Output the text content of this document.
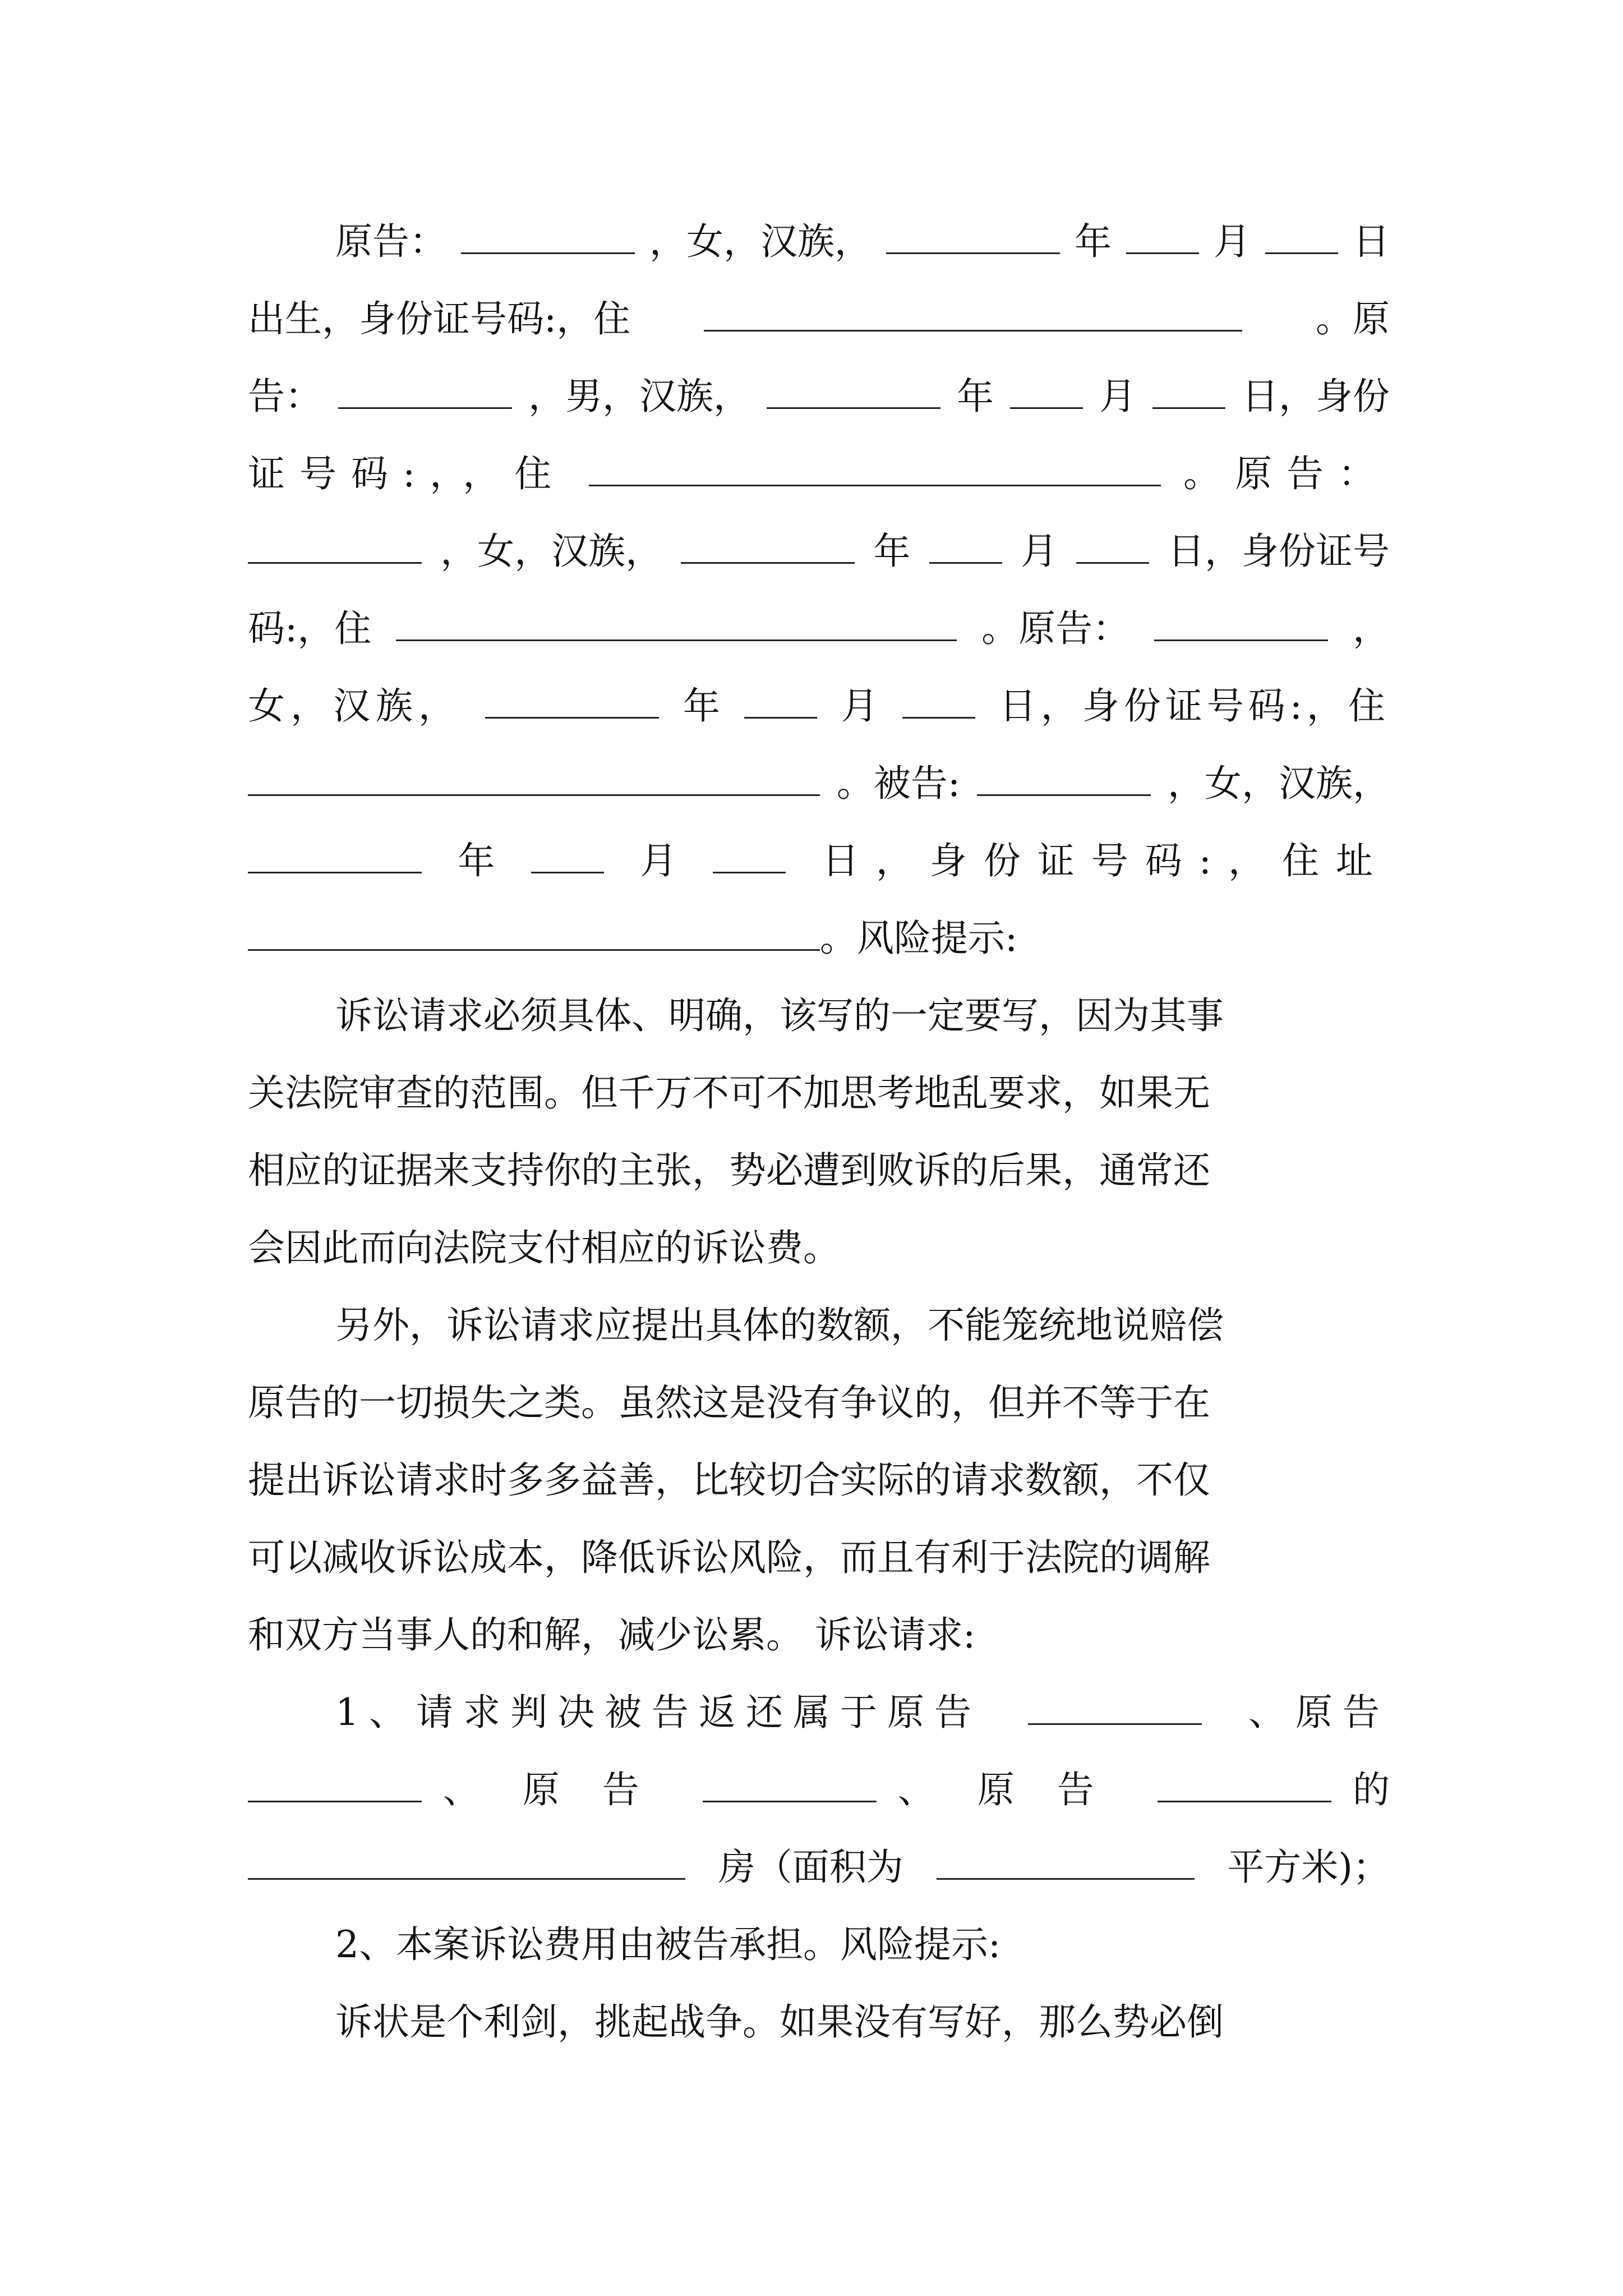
原告：	，女，汉族，	年	月	日
出生，身份证号码:，住	。原
告：	，男，汉族，	年	月	日，身份
证号码:，，住	。原告：
，女，汉族，	年	月	日，身份证号
码:，住	。原告：	，
女，汉族，	年	月	日，身份证号码:，住
。被告:	，女，汉族，
年	月	日，身份证号码:，住址
。风险提示:
诉讼请求必须具体、明确，该写的一定要写，因为其事
关法院审查的范围。但千万不可不加思考地乱要求，如果无
相应的证据来支持你的主张，势必遭到败诉的后果，通常还
会因此而向法院支付相应的诉讼费。
另外，诉讼请求应提出具体的数额，不能笼统地说赔偿
原告的一切损失之类。虽然这是没有争议的，但并不等于在
提出诉讼请求时多多益善，比较切合实际的请求数额，不仅
可以减收诉讼成本，降低诉讼风险，而且有利于法院的调解
和双方当事人的和解，减少讼累。 诉讼请求:
1、请求判决被告返还属于原告	、原告
、原告	、原告	的
房（面积为	平方米)；
2、本案诉讼费用由被告承担。风险提示:
诉状是个利剑，挑起战争。如果没有写好，那么势必倒
